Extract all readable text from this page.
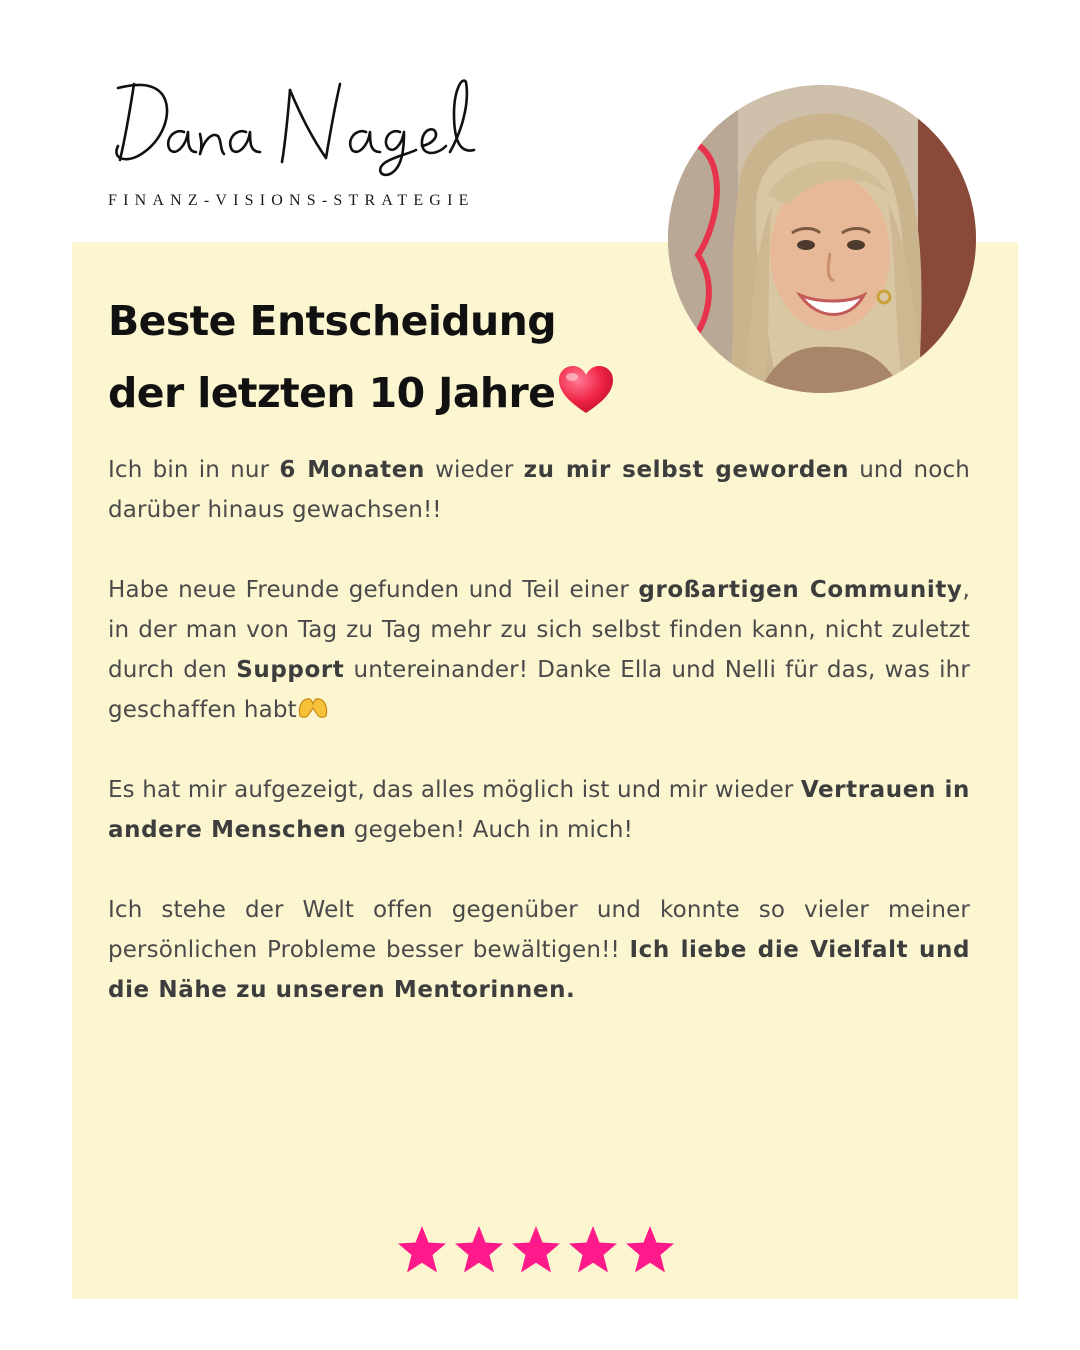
FINANZ-VISIONS-STRATEGIE
Beste Entscheidung
der letzten 10 Jahre

Ich bin in nur 6 Monaten wieder zu mir selbst geworden und noch darüber hinaus gewachsen!!

Habe neue Freunde gefunden und Teil einer großartigen Community, in der man von Tag zu Tag mehr zu sich selbst finden kann, nicht zuletzt durch den Support untereinander! Danke Ella und Nelli für das, was ihr geschaffen habt

Es hat mir aufgezeigt, das alles möglich ist und mir wieder Vertrauen in andere Menschen gegeben! Auch in mich!

Ich stehe der Welt offen gegenüber und konnte so vieler meiner persönlichen Probleme besser bewältigen!! Ich liebe die Vielfalt und die Nähe zu unseren Mentorinnen.
